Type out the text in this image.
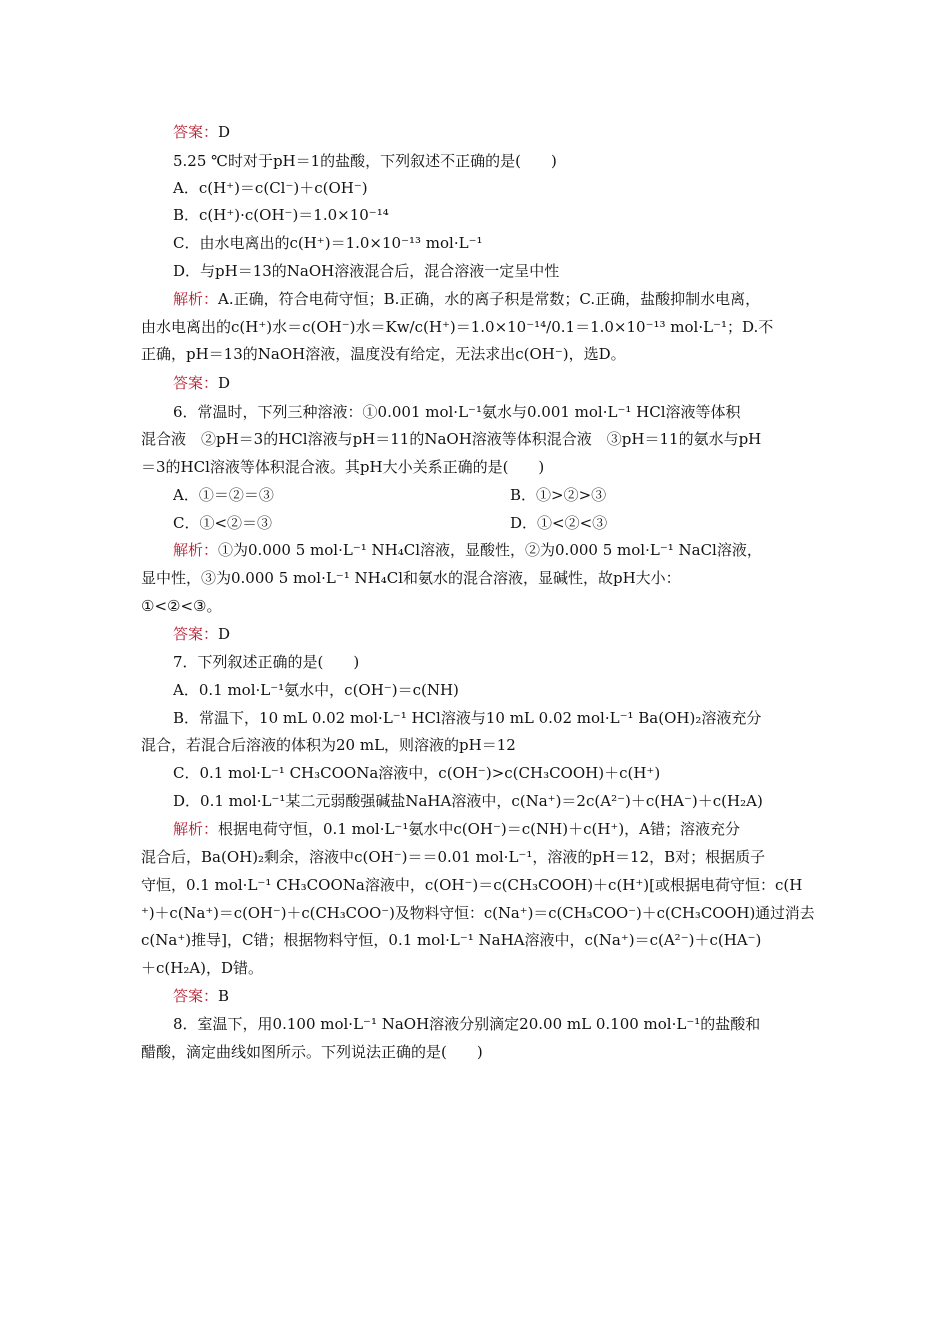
答案：D
5.25 ℃时对于pH＝1的盐酸，下列叙述不正确的是(　　)
A．c(H⁺)＝c(Cl⁻)＋c(OH⁻)
B．c(H⁺)·c(OH⁻)＝1.0×10⁻¹⁴
C．由水电离出的c(H⁺)＝1.0×10⁻¹³ mol·L⁻¹
D．与pH＝13的NaOH溶液混合后，混合溶液一定呈中性
解析：A.正确，符合电荷守恒；B.正确，水的离子积是常数；C.正确，盐酸抑制水电离，
由水电离出的c(H⁺)水＝c(OH⁻)水＝Kw/c(H⁺)＝1.0×10⁻¹⁴/0.1＝1.0×10⁻¹³ mol·L⁻¹；D.不
正确，pH＝13的NaOH溶液，温度没有给定，无法求出c(OH⁻)，选D。
答案：D
6．常温时，下列三种溶液：①0.001 mol·L⁻¹氨水与0.001 mol·L⁻¹ HCl溶液等体积
混合液　②pH＝3的HCl溶液与pH＝11的NaOH溶液等体积混合液　③pH＝11的氨水与pH
＝3的HCl溶液等体积混合液。其pH大小关系正确的是(　　)
A．①＝②＝③	B．①>②>③
C．①<②＝③	D．①<②<③
解析：①为0.000 5 mol·L⁻¹ NH₄Cl溶液，显酸性，②为0.000 5 mol·L⁻¹ NaCl溶液，
显中性，③为0.000 5 mol·L⁻¹ NH₄Cl和氨水的混合溶液，显碱性，故pH大小：
①<②<③。
答案：D
7．下列叙述正确的是(　　)
A．0.1 mol·L⁻¹氨水中，c(OH⁻)＝c(NH)
B．常温下，10 mL 0.02 mol·L⁻¹ HCl溶液与10 mL 0.02 mol·L⁻¹ Ba(OH)₂溶液充分
混合，若混合后溶液的体积为20 mL，则溶液的pH＝12
C．0.1 mol·L⁻¹ CH₃COONa溶液中，c(OH⁻)>c(CH₃COOH)＋c(H⁺)
D．0.1 mol·L⁻¹某二元弱酸强碱盐NaHA溶液中，c(Na⁺)＝2c(A²⁻)＋c(HA⁻)＋c(H₂A)
解析：根据电荷守恒，0.1 mol·L⁻¹氨水中c(OH⁻)＝c(NH)＋c(H⁺)，A错；溶液充分
混合后，Ba(OH)₂剩余，溶液中c(OH⁻)＝＝0.01 mol·L⁻¹，溶液的pH＝12，B对；根据质子
守恒，0.1 mol·L⁻¹ CH₃COONa溶液中，c(OH⁻)＝c(CH₃COOH)＋c(H⁺)[或根据电荷守恒：c(H
⁺)＋c(Na⁺)＝c(OH⁻)＋c(CH₃COO⁻)及物料守恒：c(Na⁺)＝c(CH₃COO⁻)＋c(CH₃COOH)通过消去
c(Na⁺)推导]，C错；根据物料守恒，0.1 mol·L⁻¹ NaHA溶液中，c(Na⁺)＝c(A²⁻)＋c(HA⁻)
＋c(H₂A)，D错。
答案：B
8．室温下，用0.100 mol·L⁻¹ NaOH溶液分别滴定20.00 mL 0.100 mol·L⁻¹的盐酸和
醋酸，滴定曲线如图所示。下列说法正确的是(　　)
